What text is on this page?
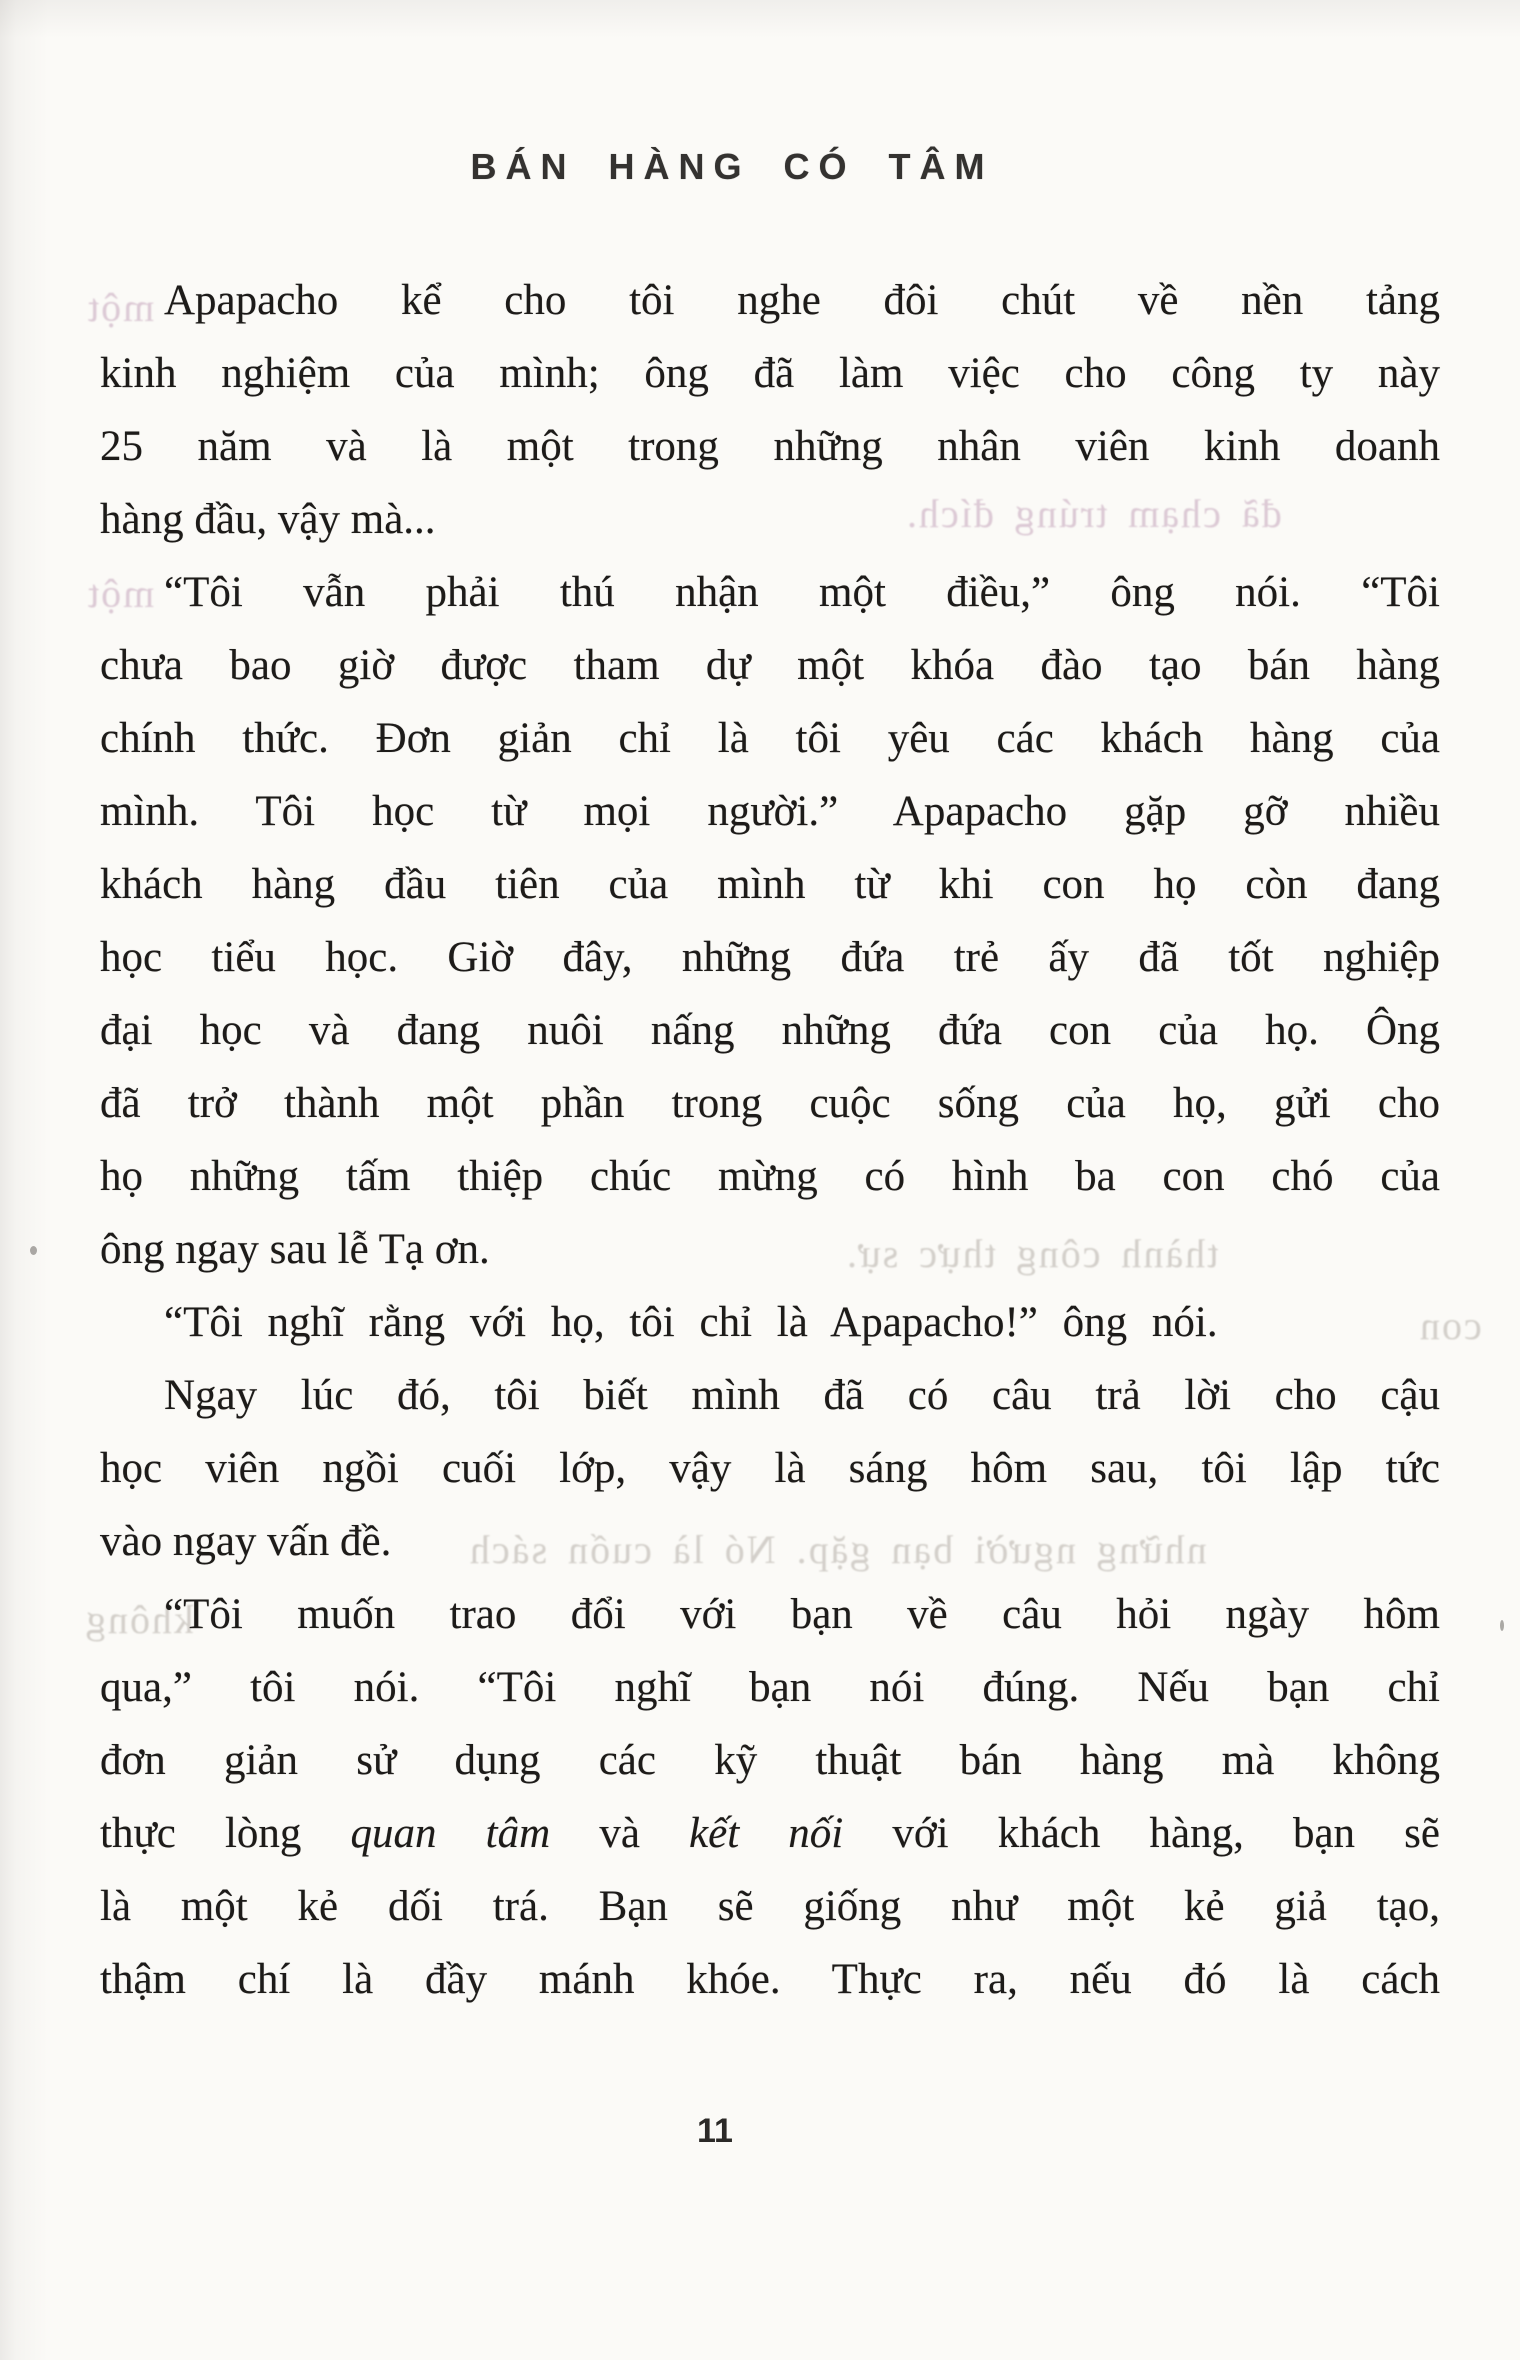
một
một
đã chạm trúng đích.
thành công thực sự.
những người bạn gặp. Nó là cuốn sách
không
con
BÁN HÀNG CÓ TÂM
Apapacho kể cho tôi nghe đôi chút về nền tảng
kinh nghiệm của mình; ông đã làm việc cho công ty này
25 năm và là một trong những nhân viên kinh doanh
hàng đầu, vậy mà...
“Tôi vẫn phải thú nhận một điều,” ông nói. “Tôi
chưa bao giờ được tham dự một khóa đào tạo bán hàng
chính thức. Đơn giản chỉ là tôi yêu các khách hàng của
mình. Tôi học từ mọi người.” Apapacho gặp gỡ nhiều
khách hàng đầu tiên của mình từ khi con họ còn đang
học tiểu học. Giờ đây, những đứa trẻ ấy đã tốt nghiệp
đại học và đang nuôi nấng những đứa con của họ. Ông
đã trở thành một phần trong cuộc sống của họ, gửi cho
họ những tấm thiệp chúc mừng có hình ba con chó của
ông ngay sau lễ Tạ ơn.
“Tôi nghĩ rằng với họ, tôi chỉ là Apapacho!” ông nói.
Ngay lúc đó, tôi biết mình đã có câu trả lời cho cậu
học viên ngồi cuối lớp, vậy là sáng hôm sau, tôi lập tức
vào ngay vấn đề.
“Tôi muốn trao đổi với bạn về câu hỏi ngày hôm
qua,” tôi nói. “Tôi nghĩ bạn nói đúng. Nếu bạn chỉ
đơn giản sử dụng các kỹ thuật bán hàng mà không
thực lòng quan tâm và kết nối với khách hàng, bạn sẽ
là một kẻ dối trá. Bạn sẽ giống như một kẻ giả tạo,
thậm chí là đầy mánh khóe. Thực ra, nếu đó là cách
11
